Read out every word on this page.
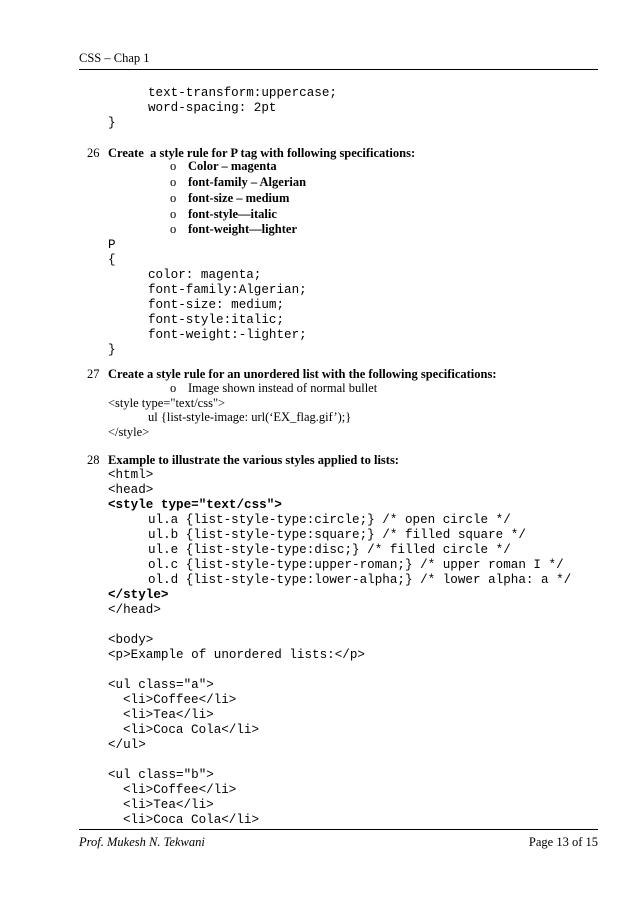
CSS – Chap 1
text-transform:uppercase;
word-spacing: 2pt
}
26 Create  a style rule for P tag with following specifications:
o Color – magenta
o font-family – Algerian
o font-size – medium
o font-style—italic
o font-weight—lighter
P
{
color: magenta;
font-family:Algerian;
font-size: medium;
font-style:italic;
font-weight:-lighter;
}
27 Create a style rule for an unordered list with the following specifications:
o Image shown instead of normal bullet
<style type="text/css">
ul {list-style-image: url(‘EX_flag.gif’);}
</style>
28 Example to illustrate the various styles applied to lists:
<html>
<head>
<style type="text/css">
ul.a {list-style-type:circle;} /* open circle */
ul.b {list-style-type:square;} /* filled square */
ul.e {list-style-type:disc;} /* filled circle */
ol.c {list-style-type:upper-roman;} /* upper roman I */
ol.d {list-style-type:lower-alpha;} /* lower alpha: a */
</style>
</head>
<body>
<p>Example of unordered lists:</p>
<ul class="a">
<li>Coffee</li>
<li>Tea</li>
<li>Coca Cola</li>
</ul>
<ul class="b">
<li>Coffee</li>
<li>Tea</li>
<li>Coca Cola</li>
Prof. Mukesh N. Tekwani	Page 13 of 15
